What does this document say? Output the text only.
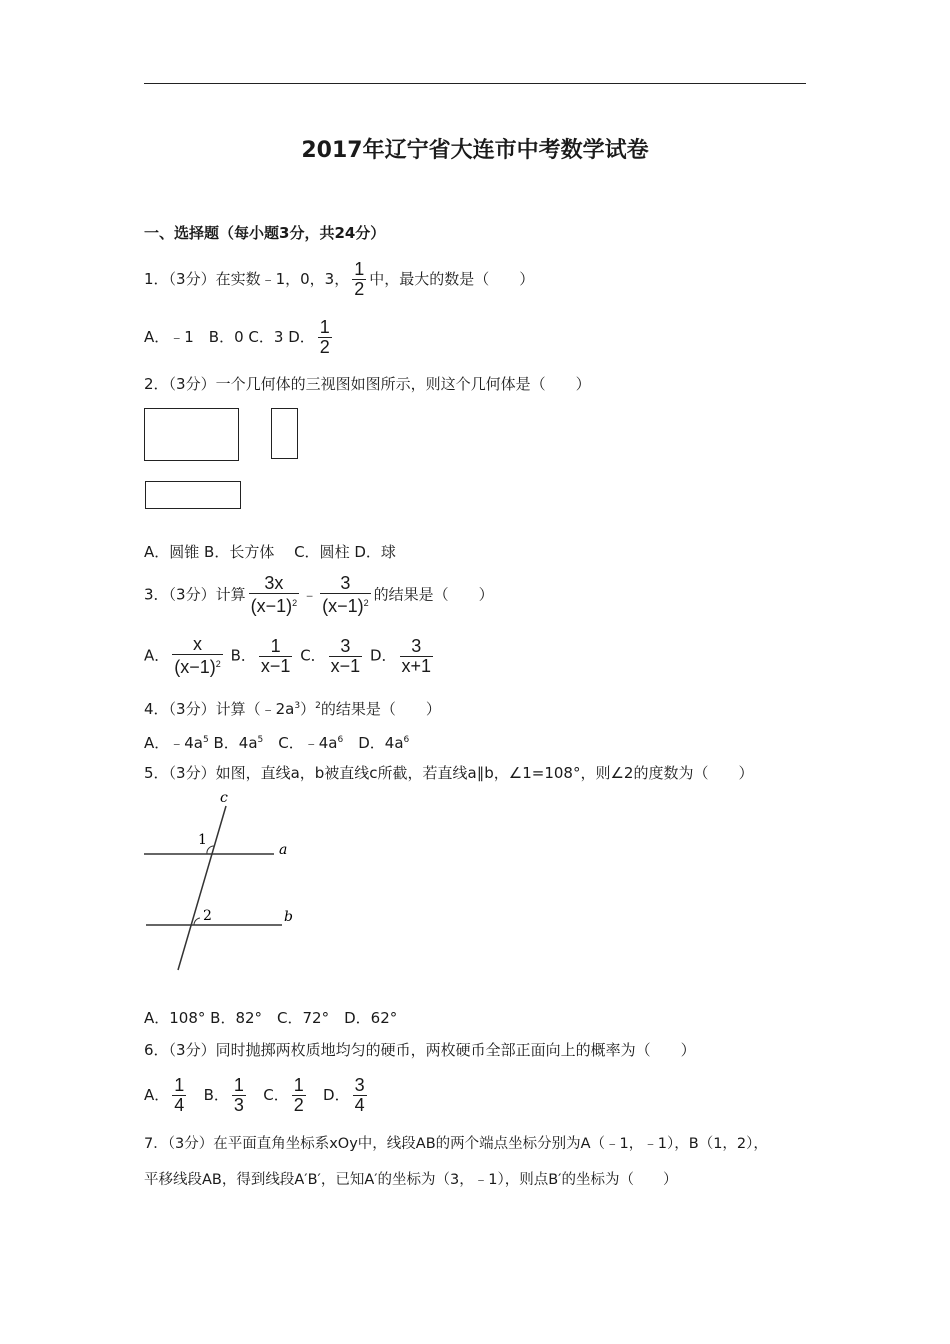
2017年辽宁省大连市中考数学试卷
一、选择题（每小题3分，共24分）
1．（3分）在实数﹣1，0，3， $\frac{1}{2}$ 中，最大的数是（　　）
A．﹣1　B．0 C．3 D． $\frac{1}{2}$
2．（3分）一个几何体的三视图如图所示，则这个几何体是（　　）
A．圆锥 B．长方体　 C．圆柱 D．球
3．（3分）计算 $\frac{3x}{(x-1)^2}$ ﹣ $\frac{3}{(x-1)^2}$ 的结果是（　　）
A． $\frac{x}{(x-1)^2}$ B． $\frac{1}{x-1}$ C． $\frac{3}{x-1}$ D． $\frac{3}{x+1}$
4．（3分）计算$(﹣2a^3)^2$的结果是（　　）
A．$﹣4a^5$ B．$4a^5$　C．$﹣4a^6$　D．$4a^6$
5．（3分）如图，直线a，b被直线c所截，若直线a∥b，∠1=108°，则∠2的度数为（　　）
c
1
a
2	b
A．108° B．82°　C．72°　D．62°
6．（3分）同时抛掷两枚质地均匀的硬币，两枚硬币全部正面向上的概率为（　　）
A． $\frac{1}{4}$ B． $\frac{1}{3}$ C． $\frac{1}{2}$ D． $\frac{3}{4}$
7．（3分）在平面直角坐标系xOy中，线段AB的两个端点坐标分别为A（﹣1，﹣1），B（1，2），
平移线段AB，得到线段A′B′，已知A′的坐标为（3，﹣1），则点B′的坐标为（　　）
